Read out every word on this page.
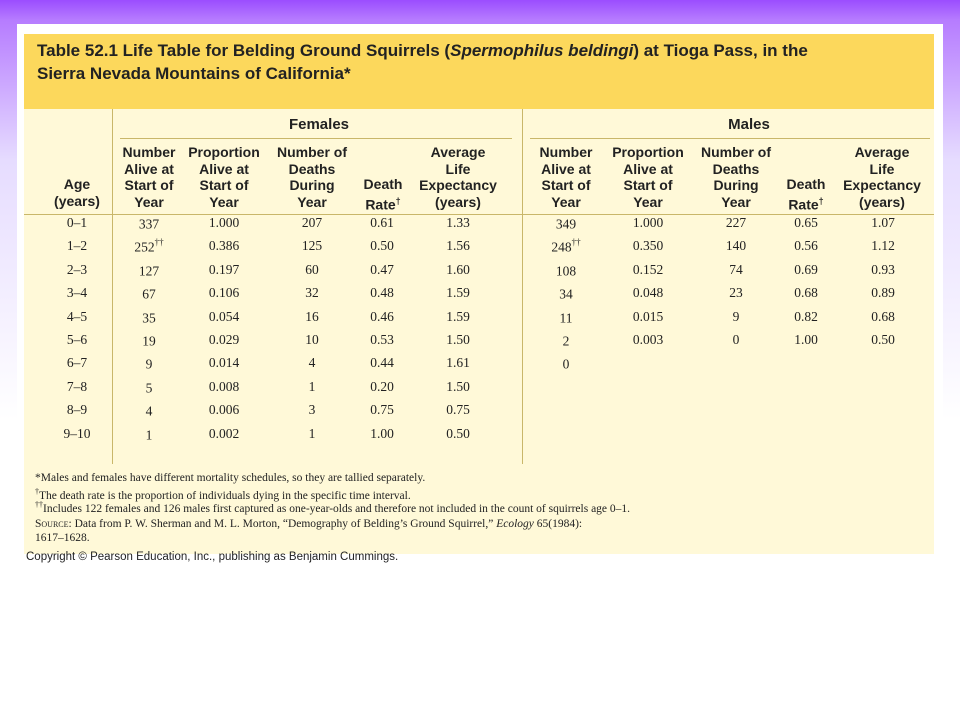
Table 52.1 Life Table for Belding Ground Squirrels (Spermophilus beldingi) at Tioga Pass, in the
Sierra Nevada Mountains of California*
Females	Males
Age
(years)
Number
Alive at
Start of
Year
Proportion
Alive at
Start of
Year
Number of
Deaths
During
Year
Death
Rate†
Average
Life
Expectancy
(years)
Number
Alive at
Start of
Year
Proportion
Alive at
Start of
Year
Number of
Deaths
During
Year
Death
Rate†
Average
Life
Expectancy
(years)
0–1	337	1.000	207	0.61	1.33	349	1.000	227	0.65	1.07
1–2	252††	0.386	125	0.50	1.56	248††	0.350	140	0.56	1.12
2–3	127	0.197	60	0.47	1.60	108	0.152	74	0.69	0.93
3–4	67	0.106	32	0.48	1.59	34	0.048	23	0.68	0.89
4–5	35	0.054	16	0.46	1.59	11	0.015	9	0.82	0.68
5–6	19	0.029	10	0.53	1.50	2	0.003	0	1.00	0.50
6–7	9	0.014	4	0.44	1.61	0
7–8	5	0.008	1	0.20	1.50
8–9	4	0.006	3	0.75	0.75
9–10	1	0.002	1	1.00	0.50
*Males and females have different mortality schedules, so they are tallied separately.
†The death rate is the proportion of individuals dying in the specific time interval.
††Includes 122 females and 126 males first captured as one-year-olds and therefore not included in the count of squirrels age 0–1.
Source: Data from P. W. Sherman and M. L. Morton, “Demography of Belding’s Ground Squirrel,” Ecology 65(1984):
1617–1628.
Copyright © Pearson Education, Inc., publishing as Benjamin Cummings.
